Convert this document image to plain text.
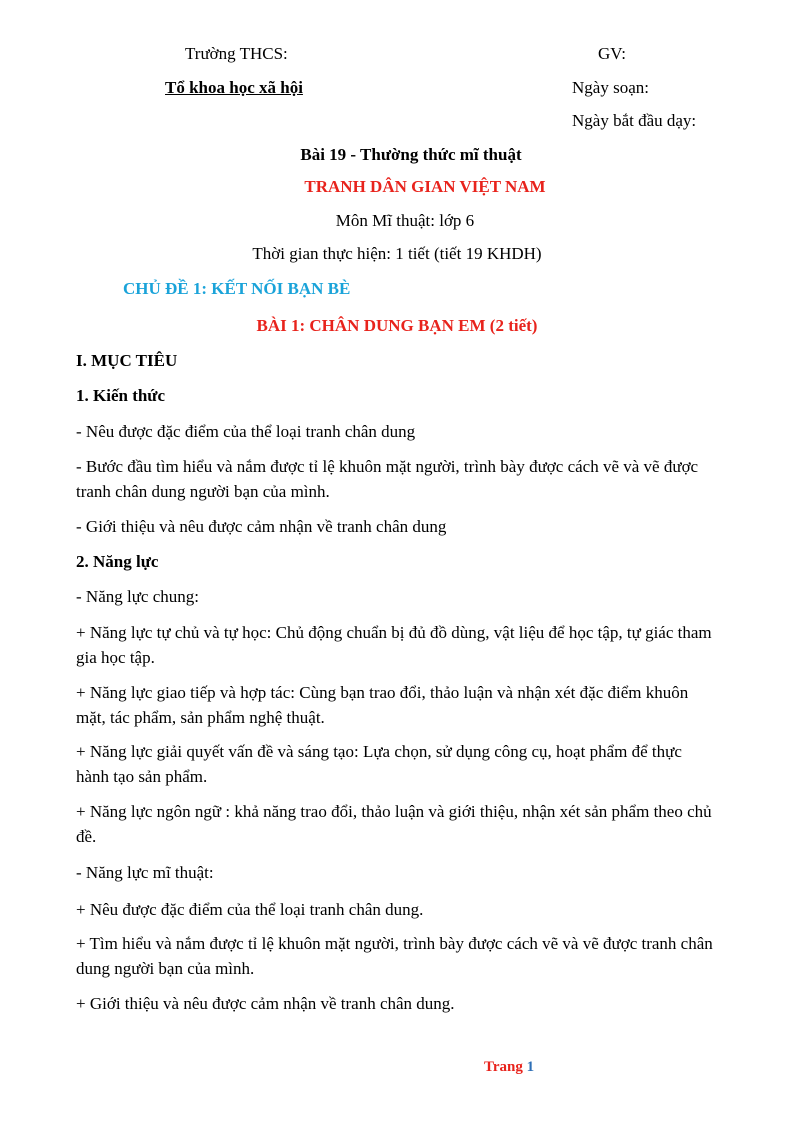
Trường THCS:
Tổ khoa học xã hội
GV:
Ngày soạn:
Ngày bắt đầu dạy:
Bài 19 - Thường thức mĩ thuật
TRANH DÂN GIAN VIỆT NAM
Môn Mĩ thuật: lớp 6
Thời gian thực hiện: 1 tiết (tiết 19 KHDH)
CHỦ ĐỀ 1: KẾT NỐI BẠN BÈ
BÀI 1: CHÂN DUNG BẠN EM (2 tiết)
I. MỤC TIÊU
1. Kiến thức
- Nêu được đặc điểm của thể loại tranh chân dung
- Bước đầu tìm hiểu và nắm được tỉ lệ khuôn mặt người, trình bày được cách vẽ và vẽ được tranh chân dung người bạn của mình.
- Giới thiệu và nêu được cảm nhận về tranh chân dung
2. Năng lực
- Năng lực chung:
+ Năng lực tự chủ và tự học: Chủ động chuẩn bị đủ đồ dùng, vật liệu để học tập, tự giác tham gia học tập.
+ Năng lực giao tiếp và hợp tác: Cùng bạn trao đổi, thảo luận và nhận xét đặc điểm khuôn mặt, tác phẩm, sản phẩm nghệ thuật.
+ Năng lực giải quyết vấn đề và sáng tạo: Lựa chọn, sử dụng công cụ, hoạt phẩm để thực hành tạo sản phẩm.
+ Năng lực ngôn ngữ : khả năng trao đổi, thảo luận và giới thiệu, nhận xét sản phẩm theo chủ đề.
- Năng lực mĩ thuật:
+ Nêu được đặc điểm của thể loại tranh chân dung.
+ Tìm hiểu và nắm được tỉ lệ khuôn mặt người, trình bày được cách vẽ và vẽ được tranh chân dung người bạn của mình.
+ Giới thiệu và nêu được cảm nhận về tranh chân dung.
Trang 1
